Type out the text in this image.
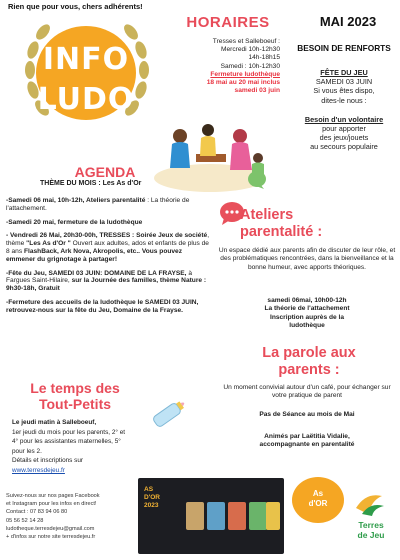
Rien que pour vous, chers adhérents!
INFO
LUDO
HORAIRES
Tresses et Salleboeuf :
Mercredi 10h-12h30
14h-18h15
Samedi : 10h-12h30
Fermeture ludothèque
18 mai au 20 mai inclus
samedi 03 juin
MAI 2023
BESOIN DE RENFORTS
FÊTE DU JEU
SAMEDI 03 JUIN
Si vous êtes dispo,
dites-le nous :
Besoin d'un volontaire
pour apporter
des jeux/jouets
au secours populaire
AGENDA
THÈME DU MOIS : Les As d'Or

-Samedi 06 mai, 10h-12h, Ateliers parentalité : La théorie de l'attachement.

-Samedi 20 mai, fermeture de la ludothèque

- Vendredi 26 Mai, 20h30-00h, TRESSES : Soirée Jeux de société, thème "Les As d'Or " Ouvert aux adultes, ados et enfants de plus de 8 ans FlashBack, Ark Nova, Akropolis, etc.. Vous pouvez emmener du grignotage à partager!

-Fête du Jeu, SAMEDI 03 JUIN: DOMAINE DE LA FRAYSE, à Fargues Saint-Hilaire, sur la Journée des familles, thème Nature : 9h30-18h, Gratuit

-Fermeture des accueils de la ludothèque le SAMEDI 03 JUIN, retrouvez-nous sur la fête du Jeu, Domaine de la Frayse.

Le temps des
Tout-Petits
Le jeudi matin à Salleboeuf,
1er jeudi du mois pour les parents, 2° et
4° pour les assistantes maternelles, 5°
pour les 2.
Détails et inscriptions sur
www.terresdejeu.fr
Ateliers
parentalité :
Un espace dédié aux parents afin de discuter de leur rôle, et des problématiques rencontrées, dans la bienveillance et la bonne humeur, avec apports théoriques.
samedi 06mai, 10h00-12h
La théorie de l'attachement
Inscription auprès de la
ludothèque
La parole aux
parents :
Un moment convivial autour d'un café, pour échanger sur votre pratique de parent
Pas de Séance au mois de Mai
Animés par Laëtitia Vidalie,
accompagnante en parentalité
Suivez-nous sur nos pages Facebook
et Instagram pour les infos en direct!
Contact : 07 83 94 06 80
05 56 52 14 28
ludotheque.terresdejeu@gmail.com
+ d'infos sur notre site terresdejeu.fr
AS
D'OR
2023
As
d'OR
Terres
de Jeu
